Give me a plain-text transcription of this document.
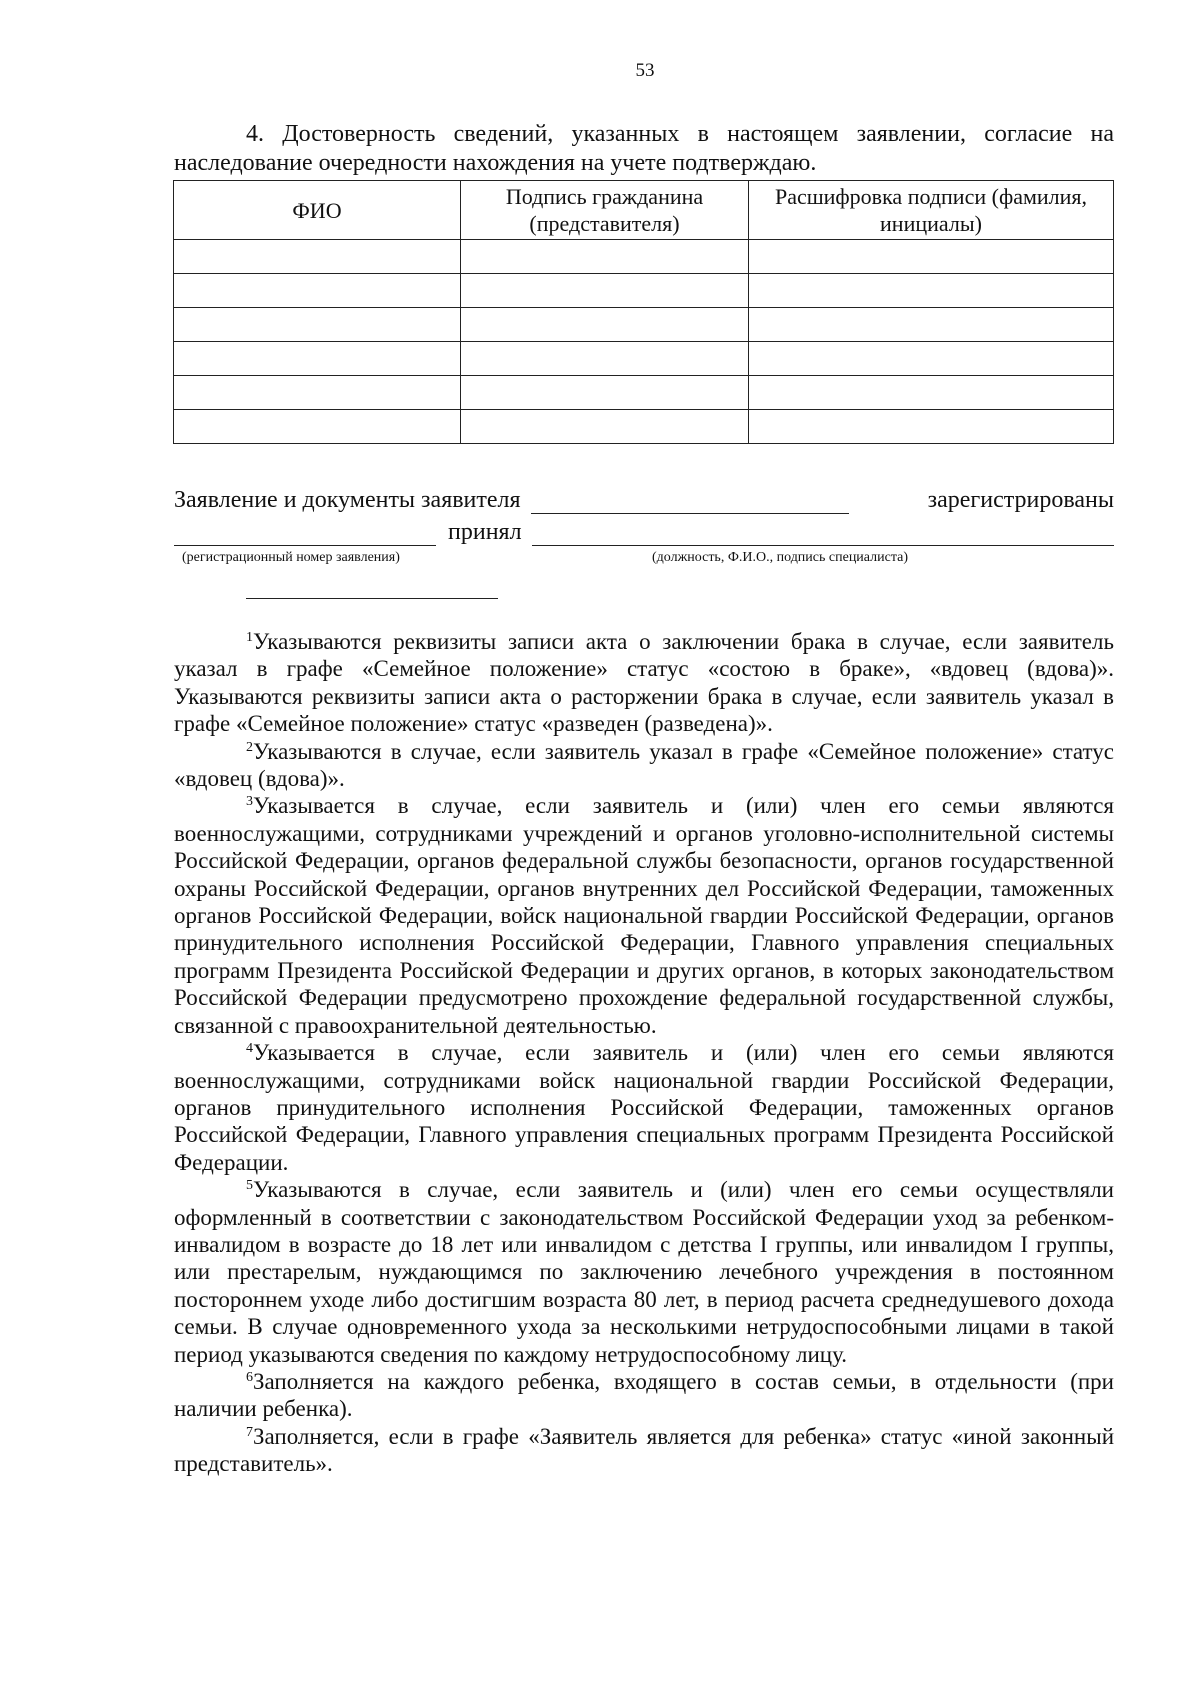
53
4. Достоверность сведений, указанных в настоящем заявлении, согласие на наследование очередности нахождения на учете подтверждаю.
ФИО	Подпись гражданина (представителя)	Расшифровка подписи (фамилия, инициалы)

Заявление и документы заявителя	зарегистрированы
принял
(регистрационный номер заявления)	(должность, Ф.И.О., подпись специалиста)

$^1$Указываются реквизиты записи акта о заключении брака в случае, если заявитель указал в графе «Семейное положение» статус «состою в браке», «вдовец (вдова)». Указываются реквизиты записи акта о расторжении брака в случае, если заявитель указал в графе «Семейное положение» статус «разведен (разведена)».

$^2$Указываются в случае, если заявитель указал в графе «Семейное положение» статус «вдовец (вдова)».

$^3$Указывается в случае, если заявитель и (или) член его семьи являются военнослужащими, сотрудниками учреждений и органов уголовно-исполнительной системы Российской Федерации, органов федеральной службы безопасности, органов государственной охраны Российской Федерации, органов внутренних дел Российской Федерации, таможенных органов Российской Федерации, войск национальной гвардии Российской Федерации, органов принудительного исполнения Российской Федерации, Главного управления специальных программ Президента Российской Федерации и других органов, в которых законодательством Российской Федерации предусмотрено прохождение федеральной государственной службы, связанной с правоохранительной деятельностью.

$^4$Указывается в случае, если заявитель и (или) член его семьи являются военнослужащими, сотрудниками войск национальной гвардии Российской Федерации, органов принудительного исполнения Российской Федерации, таможенных органов Российской Федерации, Главного управления специальных программ Президента Российской Федерации.

$^5$Указываются в случае, если заявитель и (или) член его семьи осуществляли оформленный в соответствии с законодательством Российской Федерации уход за ребенком-инвалидом в возрасте до 18 лет или инвалидом с детства I группы, или инвалидом I группы, или престарелым, нуждающимся по заключению лечебного учреждения в постоянном постороннем уходе либо достигшим возраста 80 лет, в период расчета среднедушевого дохода семьи. В случае одновременного ухода за несколькими нетрудоспособными лицами в такой период указываются сведения по каждому нетрудоспособному лицу.

$^6$Заполняется на каждого ребенка, входящего в состав семьи, в отдельности (при наличии ребенка).

$^7$Заполняется, если в графе «Заявитель является для ребенка» статус «иной законный представитель».
